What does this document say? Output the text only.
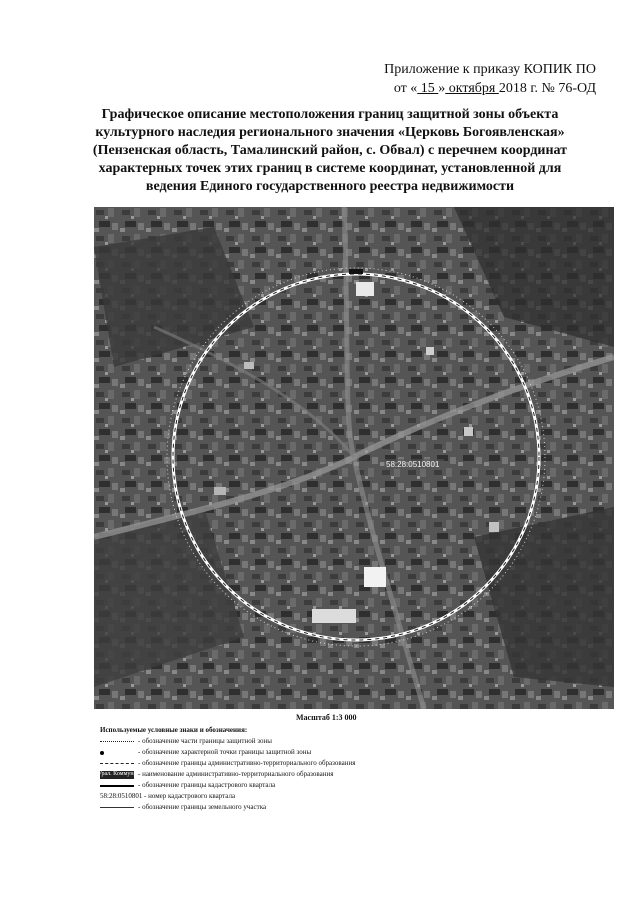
Приложение к приказу КОПИК ПО
от « 15 » октября 2018 г. № 76-ОД
Графическое описание местоположения границ защитной зоны объекта
культурного наследия регионального значения «Церковь Богоявленская»
(Пензенская область, Тамалинский район, с. Обвал) с перечнем координат
характерных точек этих границ в системе координат, установленной для
ведения Единого государственного реестра недвижимости
58:28:0510801
Масштаб 1:3 000
Используемые условные знаки и обозначения:
- обозначение части границы защитной зоны
- обозначение характерной точки границы защитной зоны
- обозначение границы административно-территориального образования
Урал. Коммуна - наименование административно-территориального образования
- обозначение границы кадастрового квартала
58:28:0510801 - номер кадастрового квартала
- обозначение границы земельного участка
